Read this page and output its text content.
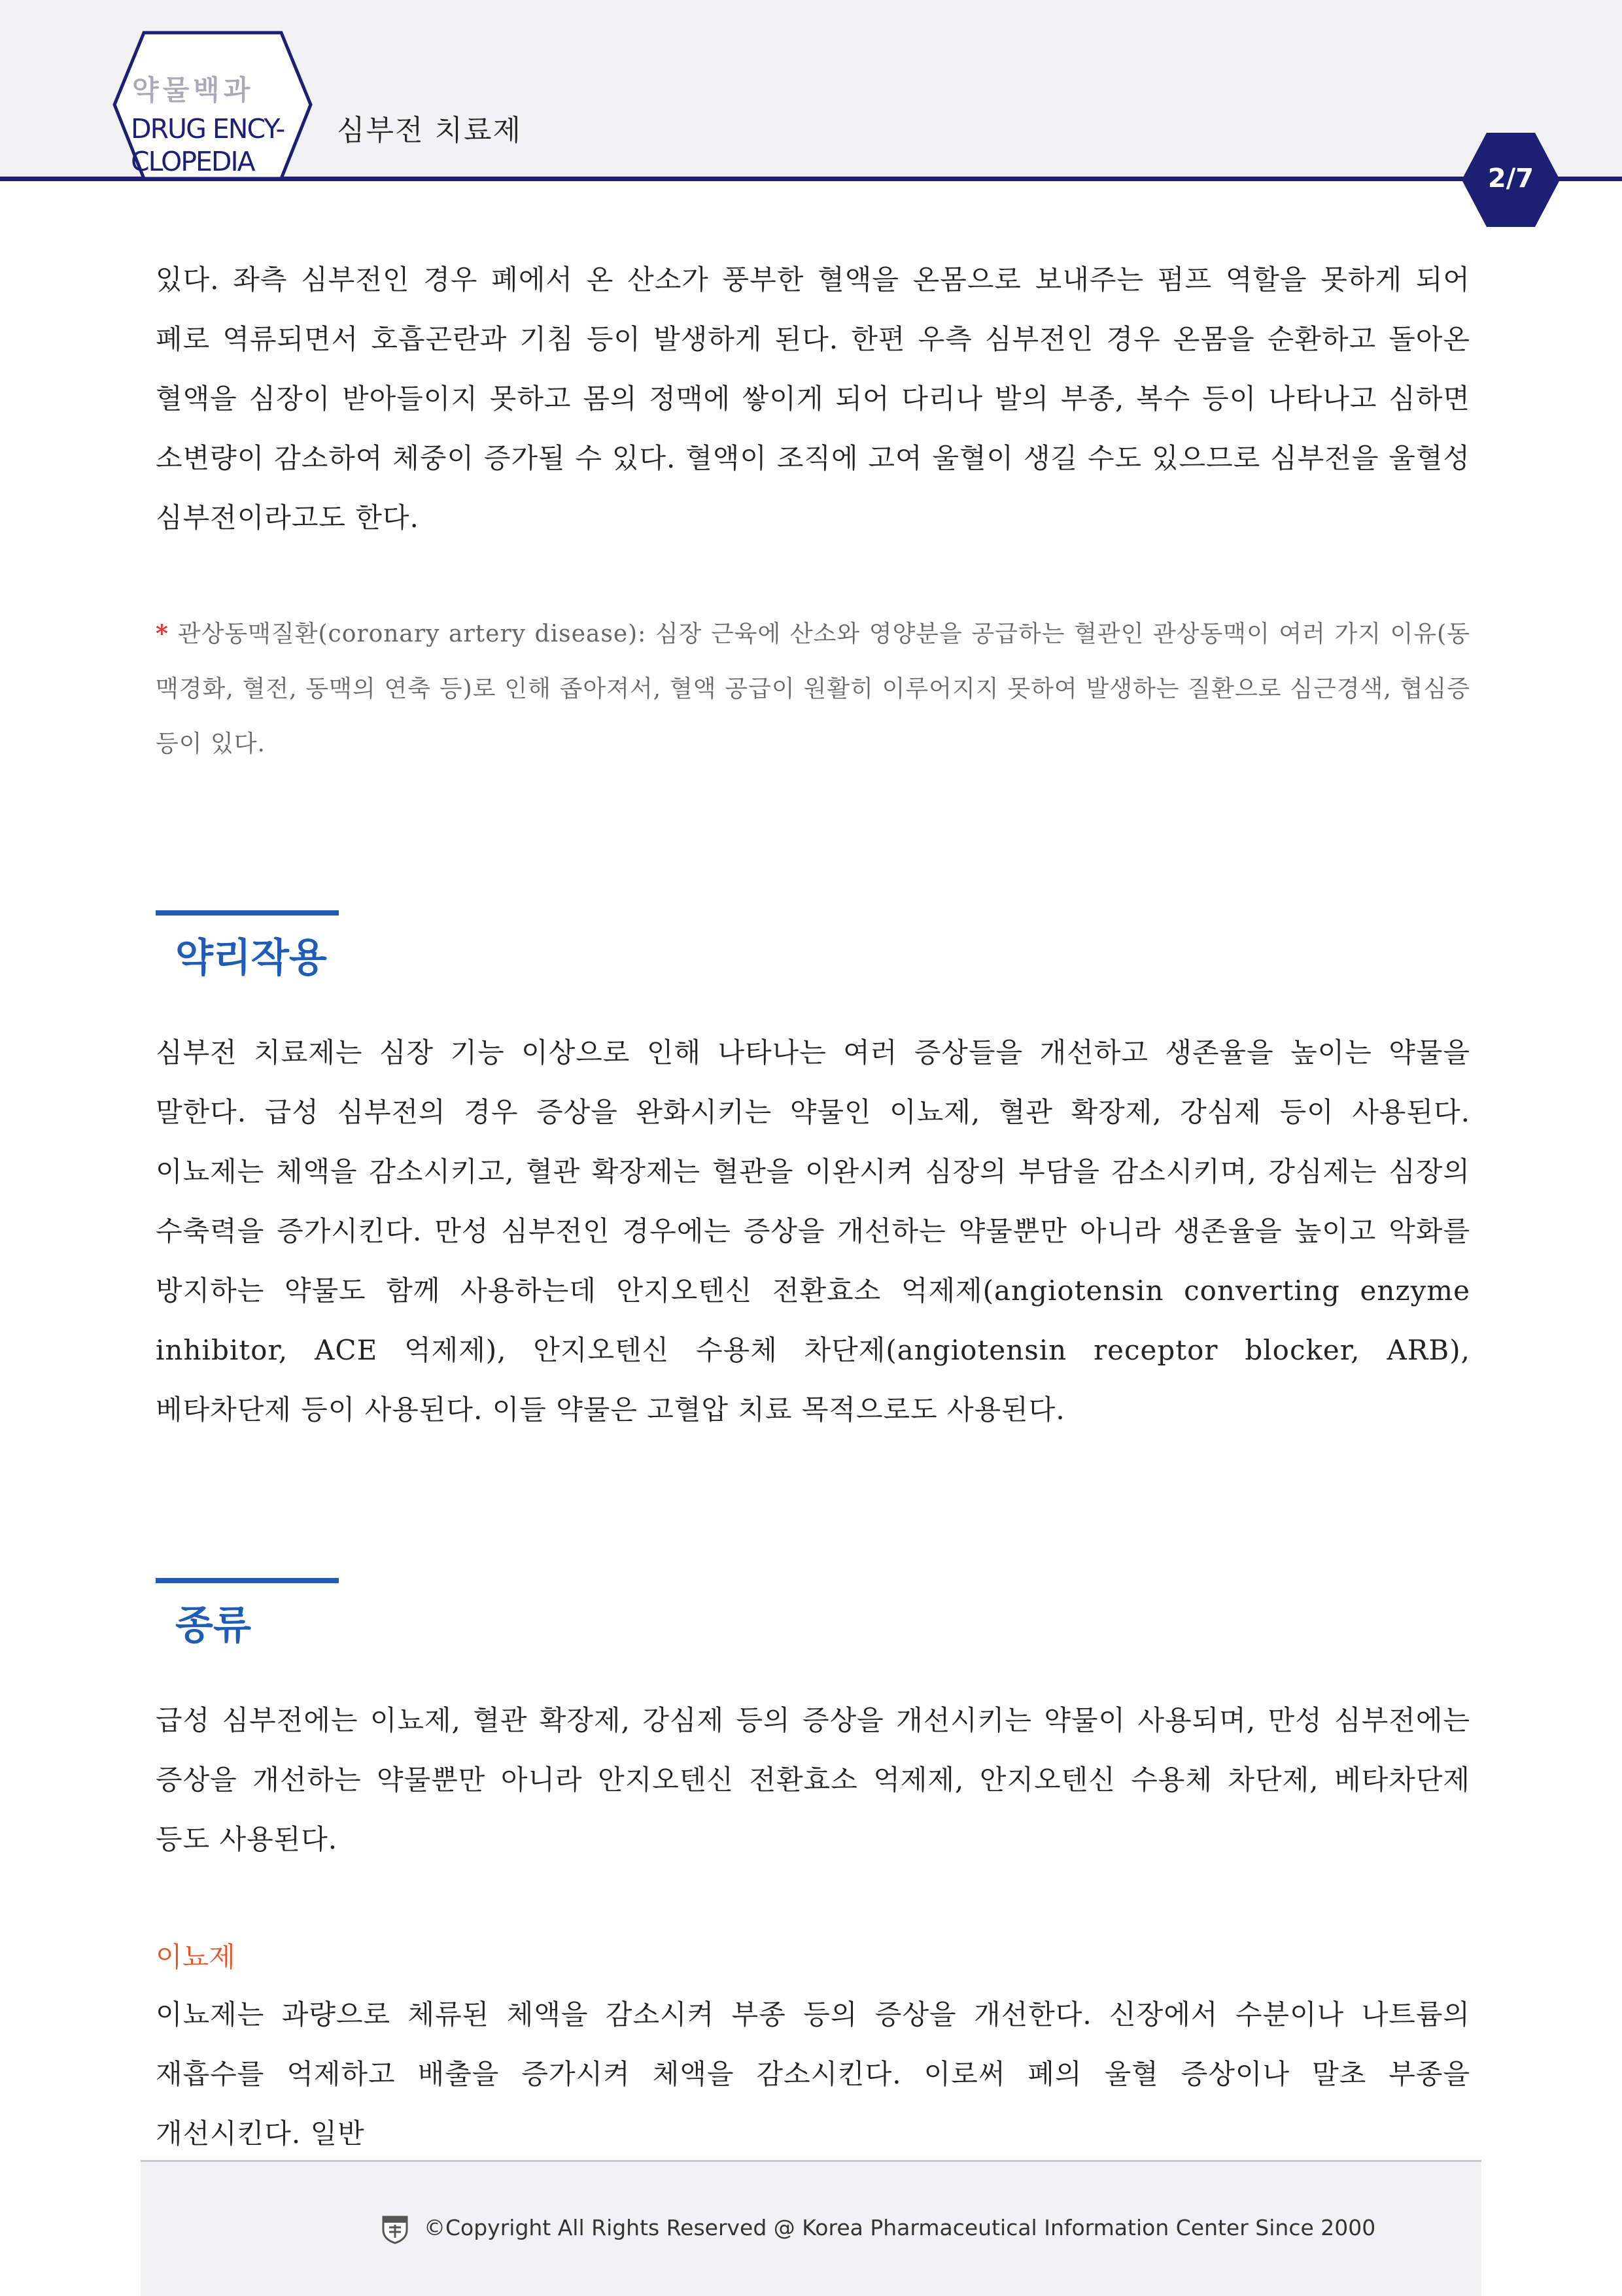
약물백과
DRUG ENCY-
CLOPEDIA
심부전 치료제
2/7

있다. 좌측 심부전인 경우 폐에서 온 산소가 풍부한 혈액을 온몸으로 보내주는 펌프 역할을 못하게 되어 폐로 역류되면서 호흡곤란과 기침 등이 발생하게 된다. 한편 우측 심부전인 경우 온몸을 순환하고 돌아온 혈액을 심장이 받아들이지 못하고 몸의 정맥에 쌓이게 되어 다리나 발의 부종, 복수 등이 나타나고 심하면 소변량이 감소하여 체중이 증가될 수 있다. 혈액이 조직에 고여 울혈이 생길 수도 있으므로 심부전을 울혈성 심부전이라고도 한다.

* 관상동맥질환(coronary artery disease): 심장 근육에 산소와 영양분을 공급하는 혈관인 관상동맥이 여러 가지 이유(동맥경화, 혈전, 동맥의 연축 등)로 인해 좁아져서, 혈액 공급이 원활히 이루어지지 못하여 발생하는 질환으로 심근경색, 협심증 등이 있다.

약리작용

심부전 치료제는 심장 기능 이상으로 인해 나타나는 여러 증상들을 개선하고 생존율을 높이는 약물을 말한다. 급성 심부전의 경우 증상을 완화시키는 약물인 이뇨제, 혈관 확장제, 강심제 등이 사용된다. 이뇨제는 체액을 감소시키고, 혈관 확장제는 혈관을 이완시켜 심장의 부담을 감소시키며, 강심제는 심장의 수축력을 증가시킨다. 만성 심부전인 경우에는 증상을 개선하는 약물뿐만 아니라 생존율을 높이고 악화를 방지하는 약물도 함께 사용하는데 안지오텐신 전환효소 억제제(angiotensin converting enzyme inhibitor, ACE 억제제), 안지오텐신 수용체 차단제(angiotensin receptor blocker, ARB), 베타차단제 등이 사용된다. 이들 약물은 고혈압 치료 목적으로도 사용된다.

종류

급성 심부전에는 이뇨제, 혈관 확장제, 강심제 등의 증상을 개선시키는 약물이 사용되며, 만성 심부전에는 증상을 개선하는 약물뿐만 아니라 안지오텐신 전환효소 억제제, 안지오텐신 수용체 차단제, 베타차단제 등도 사용된다.

이뇨제

이뇨제는 과량으로 체류된 체액을 감소시켜 부종 등의 증상을 개선한다. 신장에서 수분이나 나트륨의 재흡수를 억제하고 배출을 증가시켜 체액을 감소시킨다. 이로써 폐의 울혈 증상이나 말초 부종을 개선시킨다. 일반

©Copyright All Rights Reserved @ Korea Pharmaceutical Information Center Since 2000
